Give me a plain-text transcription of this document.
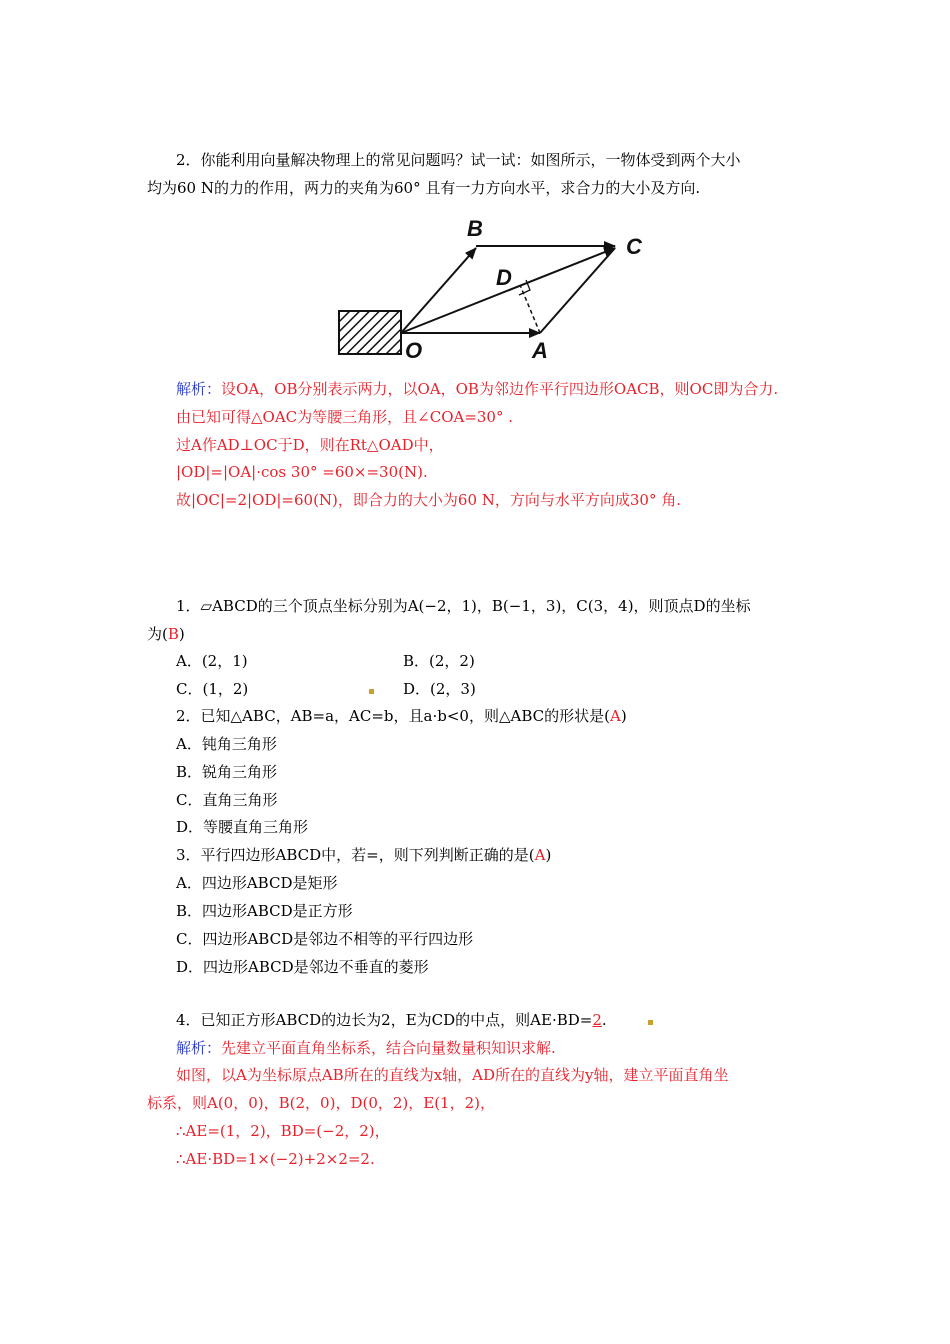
2．你能利用向量解决物理上的常见问题吗？试一试：如图所示，一物体受到两个大小
均为60 N的力的作用，两力的夹角为60° 且有一力方向水平，求合力的大小及方向.
B
C
D
O	A
解析：设OA，OB分别表示两力，以OA，OB为邻边作平行四边形OACB，则OC即为合力.
由已知可得△OAC为等腰三角形，且∠COA=30° .
过A作AD⊥OC于D，则在Rt△OAD中，
|OD|=|OA|·cos 30° =60×=30(N).
故|OC|=2|OD|=60(N)，即合力的大小为60 N，方向与水平方向成30° 角.
1．▱ABCD的三个顶点坐标分别为A(−2，1)，B(−1，3)，C(3，4)，则顶点D的坐标
为(B)
A．(2，1)	B．(2，2)
C．(1，2)	D．(2，3)
2．已知△ABC，AB=a，AC=b，且a·b<0，则△ABC的形状是(A)
A．钝角三角形
B．锐角三角形
C．直角三角形
D．等腰直角三角形
3．平行四边形ABCD中，若=，则下列判断正确的是(A)
A．四边形ABCD是矩形
B．四边形ABCD是正方形
C．四边形ABCD是邻边不相等的平行四边形
D．四边形ABCD是邻边不垂直的菱形
4．已知正方形ABCD的边长为2，E为CD的中点，则AE·BD=2.
解析：先建立平面直角坐标系，结合向量数量积知识求解.
如图，以A为坐标原点AB所在的直线为x轴，AD所在的直线为y轴，建立平面直角坐
标系，则A(0，0)，B(2，0)，D(0，2)，E(1，2)，
∴AE=(1，2)，BD=(−2，2)，
∴AE·BD=1×(−2)+2×2=2.
